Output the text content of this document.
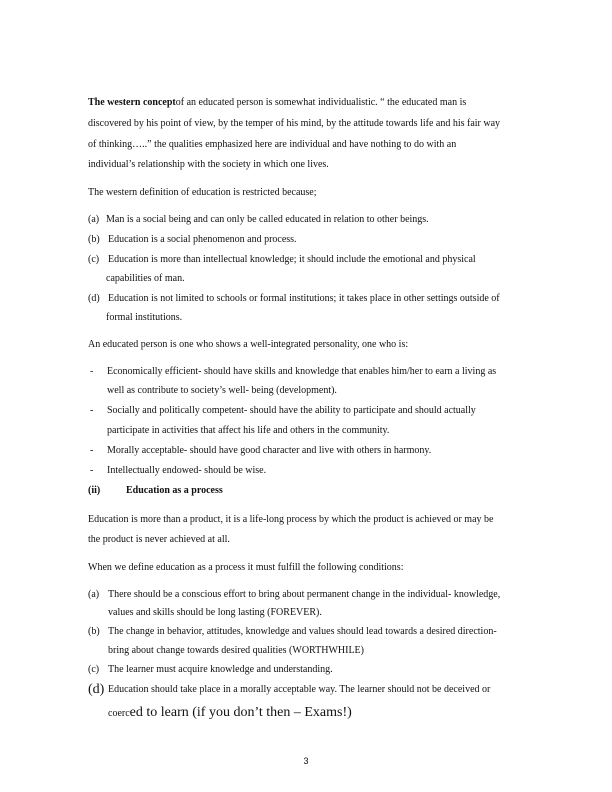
The western conceptof an educated person is somewhat individualistic. “ the educated man is
discovered by his point of view, by the temper of his mind, by the attitude towards life and his fair way
of thinking…..” the qualities emphasized here are individual and have nothing to do with an
individual’s relationship with the society in which one lives.
The western definition of education is restricted because;
(a) Man is a social being and can only be called educated in relation to other beings.
(b) Education is a social phenomenon and process.
(c) Education is more than intellectual knowledge; it should include the emotional and physical
capabilities of man.
(d) Education is not limited to schools or formal institutions; it takes place in other settings outside of
formal institutions.
An educated person is one who shows a well-integrated personality, one who is:
- Economically efficient- should have skills and knowledge that enables him/her to earn a living as
well as contribute to society’s well- being (development).
- Socially and politically competent- should have the ability to participate and should actually
participate in activities that affect his life and others in the community.
- Morally acceptable- should have good character and live with others in harmony.
- Intellectually endowed- should be wise.
(ii)	Education as a process
Education is more than a product, it is a life-long process by which the product is achieved or may be
the product is never achieved at all.
When we define education as a process it must fulfill the following conditions:
(a) There should be a conscious effort to bring about permanent change in the individual- knowledge,
values and skills should be long lasting (FOREVER).
(b) The change in behavior, attitudes, knowledge and values should lead towards a desired direction-
bring about change towards desired qualities (WORTHWHILE)
(c) The learner must acquire knowledge and understanding.
(d) Education should take place in a morally acceptable way. The learner should not be deceived or
coerced to learn (if you don’t then – Exams!)
3
